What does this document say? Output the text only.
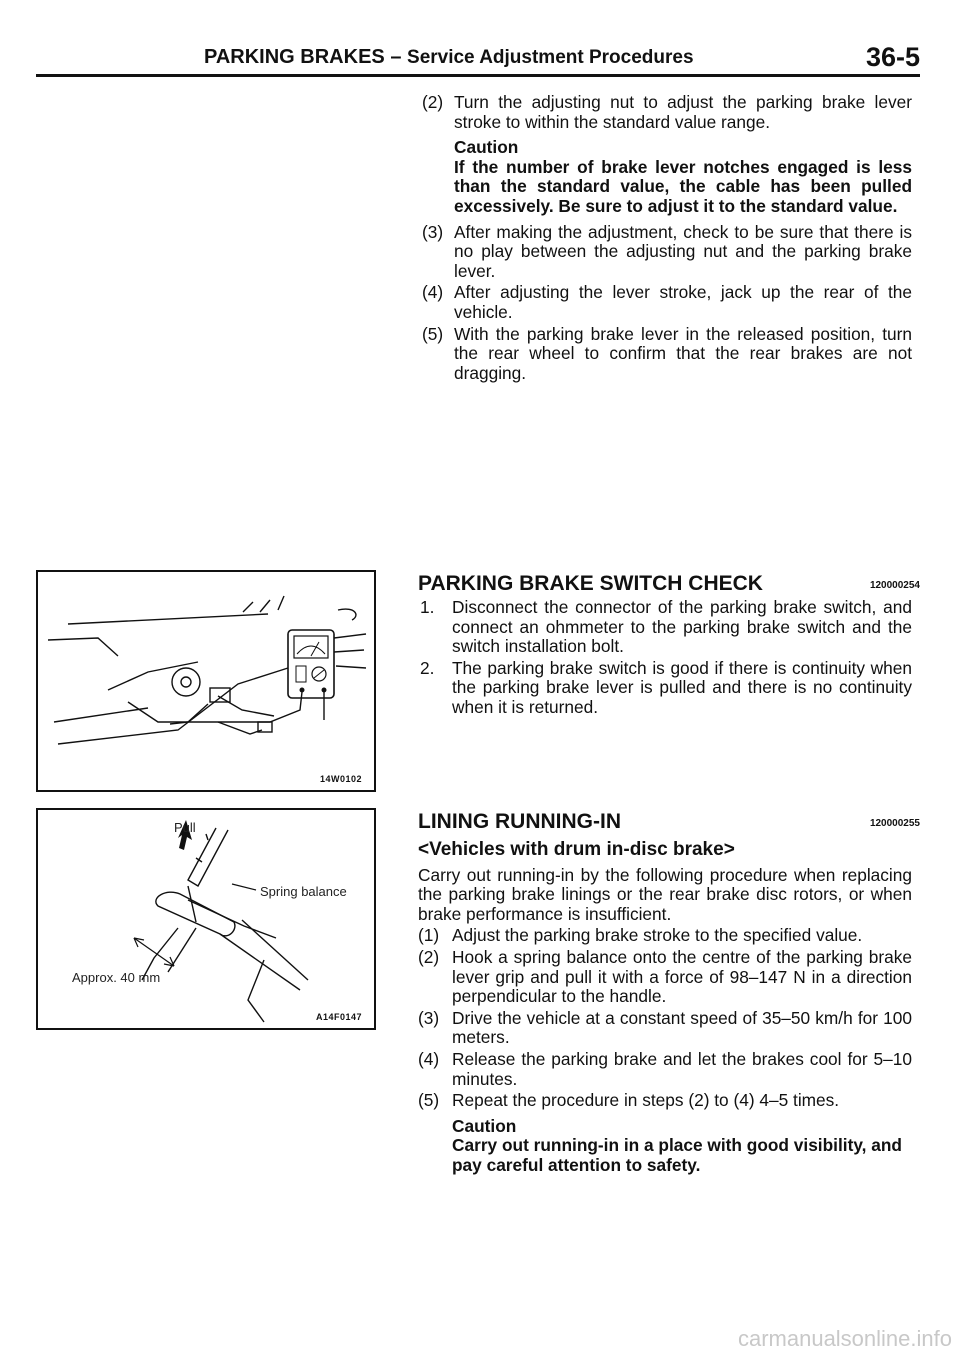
PARKING BRAKES – Service Adjustment Procedures	36-5
(2) Turn the adjusting nut to adjust the parking brake lever stroke to within the standard value range.
Caution
If the number of brake lever notches engaged is less than the standard value, the cable has been pulled excessively. Be sure to adjust it to the standard value.
(3) After making the adjustment, check to be sure that there is no play between the adjusting nut and the parking brake lever.
(4) After adjusting the lever stroke, jack up the rear of the vehicle.
(5) With the parking brake lever in the released position, turn the rear wheel to confirm that the rear brakes are not dragging.
PARKING BRAKE SWITCH CHECK	120000254
1. Disconnect the connector of the parking brake switch, and connect an ohmmeter to the parking brake switch and the switch installation bolt.
2. The parking brake switch is good if there is continuity when the parking brake lever is pulled and there is no continuity when it is returned.
LINING RUNNING-IN	120000255
<Vehicles with drum in-disc brake>
Carry out running-in by the following procedure when replacing the parking brake linings or the rear brake disc rotors, or when brake performance is insufficient.
(1) Adjust the parking brake stroke to the specified value.
(2) Hook a spring balance onto the centre of the parking brake lever grip and pull it with a force of 98–147 N in a direction perpendicular to the handle.
(3) Drive the vehicle at a constant speed of 35–50 km/h for 100 meters.
(4) Release the parking brake and let the brakes cool for 5–10 minutes.
(5) Repeat the procedure in steps (2) to (4) 4–5 times.
Caution
Carry out running-in in a place with good visibility, and pay careful attention to safety.
14W0102
Pull
Spring balance
Approx. 40 mm
A14F0147
carmanualsonline.info
